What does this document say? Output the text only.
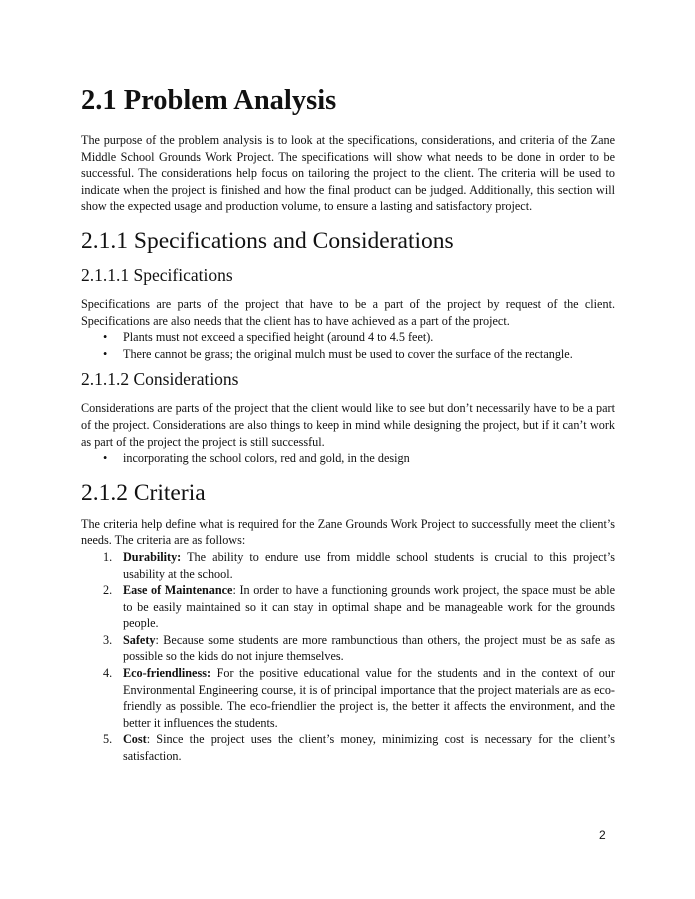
2.1 Problem Analysis

The purpose of the problem analysis is to look at the specifications, considerations, and criteria of the Zane Middle School Grounds Work Project. The specifications will show what needs to be done in order to be successful. The considerations help focus on tailoring the project to the client. The criteria will be used to indicate when the project is finished and how the final product can be judged. Additionally, this section will show the expected usage and production volume, to ensure a lasting and satisfactory project.

2.1.1 Specifications and Considerations
2.1.1.1 Specifications

Specifications are parts of the project that have to be a part of the project by request of the client. Specifications are also needs that the client has to have achieved as a part of the project.

• Plants must not exceed a specified height (around 4 to 4.5 feet).
• There cannot be grass; the original mulch must be used to cover the surface of the rectangle.
2.1.1.2 Considerations

Considerations are parts of the project that the client would like to see but don’t necessarily have to be a part of the project. Considerations are also things to keep in mind while designing the project, but if it can’t work as part of the project the project is still successful.

• incorporating the school colors, red and gold, in the design
2.1.2 Criteria

The criteria help define what is required for the Zane Grounds Work Project to successfully meet the client’s needs. The criteria are as follows:

1. Durability: The ability to endure use from middle school students is crucial to this project’s usability at the school.
2. Ease of Maintenance: In order to have a functioning grounds work project, the space must be able to be easily maintained so it can stay in optimal shape and be manageable work for the grounds people.
3. Safety: Because some students are more rambunctious than others, the project must be as safe as possible so the kids do not injure themselves.
4. Eco-friendliness: For the positive educational value for the students and in the context of our Environmental Engineering course, it is of principal importance that the project materials are as eco-friendly as possible. The eco-friendlier the project is, the better it affects the environment, and the better it influences the students.
5. Cost: Since the project uses the client’s money, minimizing cost is necessary for the client’s satisfaction.
2
